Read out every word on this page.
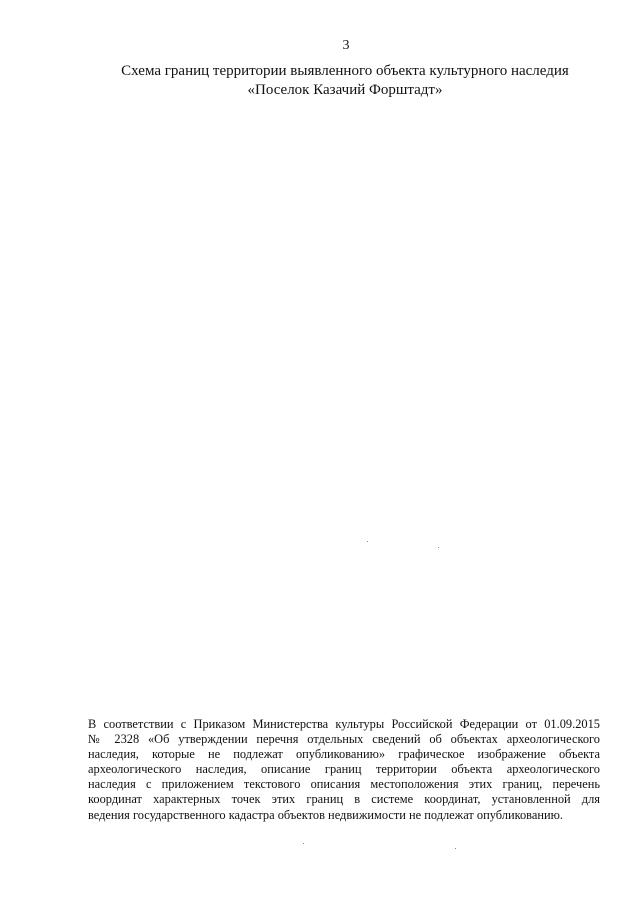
3
Схема границ территории выявленного объекта культурного наследия
«Поселок Казачий Форштадт»
В соответствии с Приказом Министерства культуры Российской Федерации от 01.09.2015
№ 2328 «Об утверждении перечня отдельных сведений об объектах археологического
наследия, которые не подлежат опубликованию» графическое изображение объекта
археологического наследия, описание границ территории объекта археологического
наследия с приложением текстового описания местоположения этих границ, перечень
координат характерных точек этих границ в системе координат, установленной для
ведения государственного кадастра объектов недвижимости не подлежат опубликованию.
